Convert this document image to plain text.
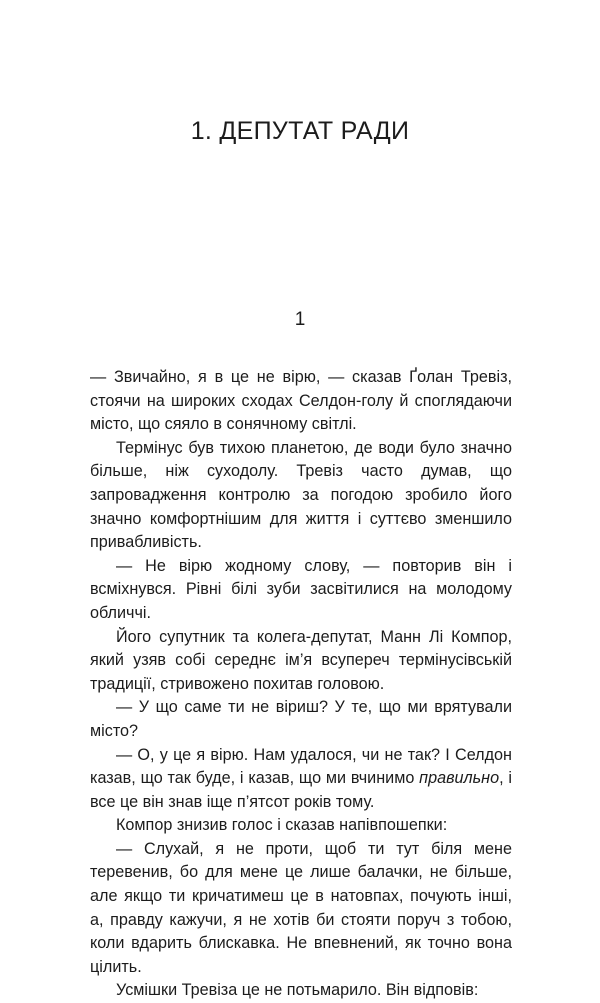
1. ДЕПУТАТ РАДИ
1

— Звичайно, я в це не вірю, — сказав Ґолан Тревіз, стоячи на широких сходах Селдон-голу й споглядаючи місто, що сяяло в сонячному світлі.

Термінус був тихою планетою, де води було значно більше, ніж суходолу. Тревіз часто думав, що запровадження контролю за погодою зробило його значно комфортнішим для життя і суттєво зменшило привабливість.

— Не вірю жодному слову, — повторив він і всміхнувся. Рівні білі зуби засвітилися на молодому обличчі.

Його супутник та колега-депутат, Манн Лі Компор, який узяв собі середнє ім’я всупереч термінусівській традиції, стривожено похитав головою.

— У що саме ти не віриш? У те, що ми врятували місто?

— О, у це я вірю. Нам удалося, чи не так? І Селдон казав, що так буде, і казав, що ми вчинимо правильно, і все це він знав іще п’ятсот років тому.

Компор знизив голос і сказав напівпошепки:

— Слухай, я не проти, щоб ти тут біля мене теревенив, бо для мене це лише балачки, не більше, але якщо ти кричатимеш це в натовпах, почують інші, а, правду кажучи, я не хотів би стояти поруч з тобою, коли вдарить блискавка. Не впевнений, як точно вона цілить.

Усмішки Тревіза це не потьмарило. Він відповів:
